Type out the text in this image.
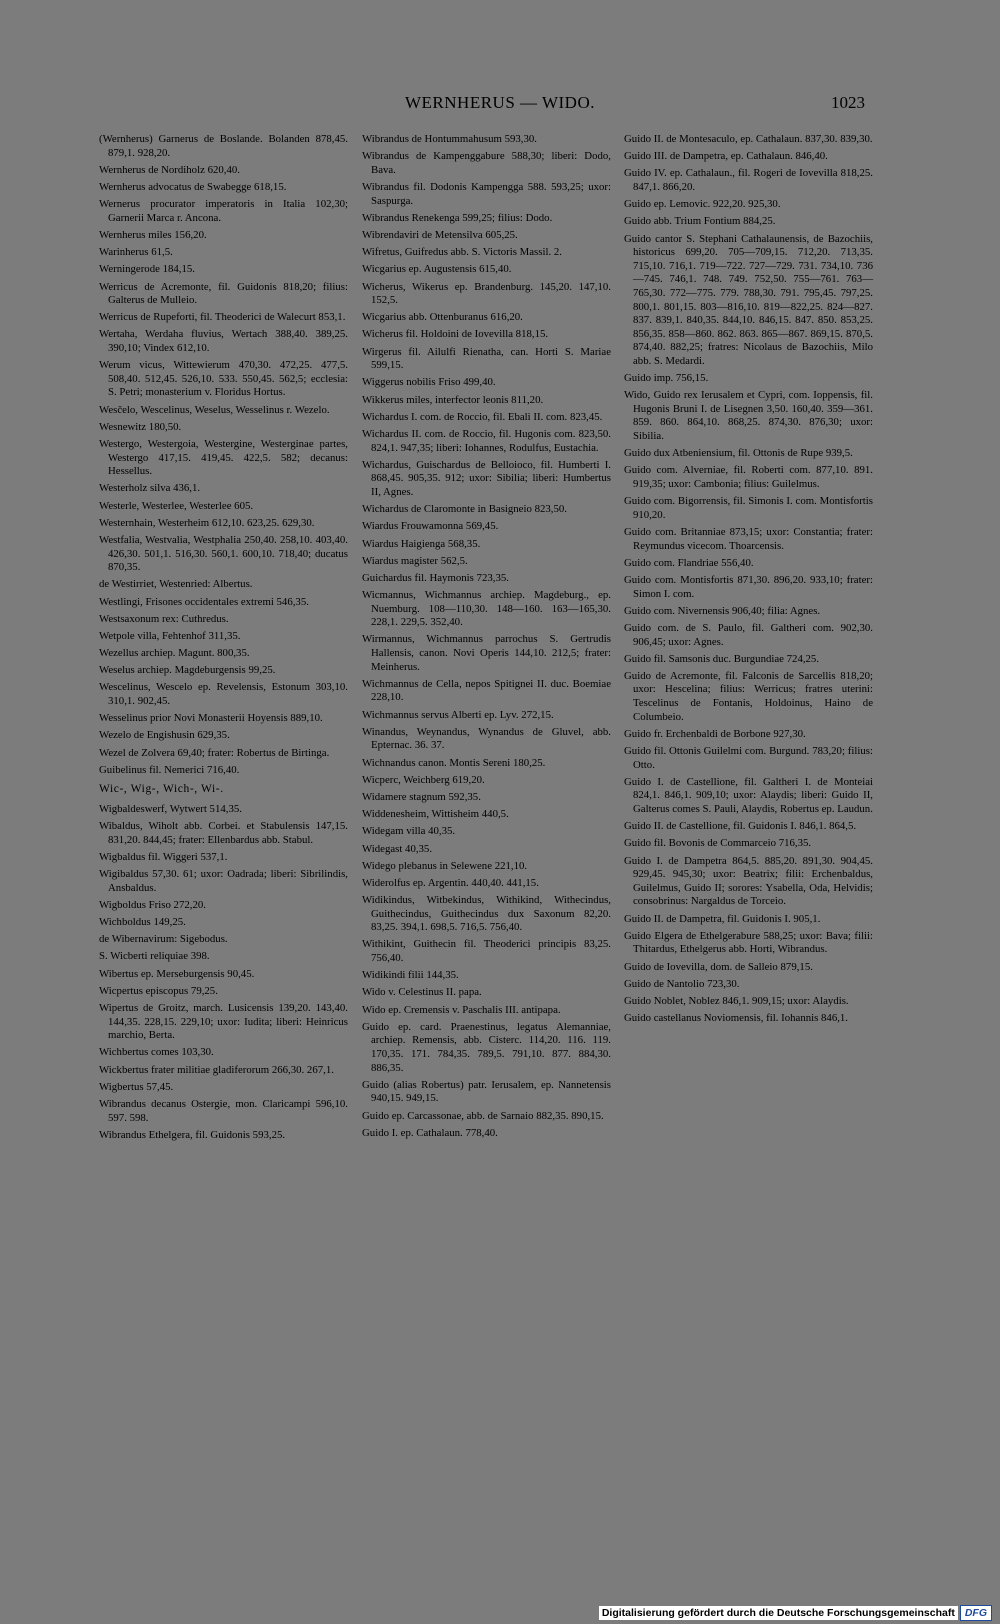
WERNHERUS — WIDO.	1023

(Wernherus) Garnerus de Boslande. Bolanden 878,45. 879,1. 928,20.

Wernherus de Nordiholz 620,40.

Wernherus advocatus de Swabegge 618,15.

Wernerus procurator imperatoris in Italia 102,30; Garnerii Marca r. Ancona.

Wernherus miles 156,20.

Warinherus 61,5.

Werningerode 184,15.

Werricus de Acremonte, fil. Guidonis 818,20; filius: Galterus de Mulleio.

Werricus de Rupeforti, fil. Theoderici de Walecurt 853,1.

Wertaha, Werdaha fluvius, Wertach 388,40. 389,25. 390,10; Vindex 612,10.

Werum vicus, Wittewierum 470,30. 472,25. 477,5. 508,40. 512,45. 526,10. 533. 550,45. 562,5; ecclesia: S. Petri; monasterium v. Floridus Hortus.

Wesčelo, Wescelinus, Weselus, Wesselinus r. Wezelo.

Wesnewitz 180,50.

Westergo, Westergoia, Westergine, Westerginae partes, Westergo 417,15. 419,45. 422,5. 582; decanus: Hessellus.

Westerholz silva 436,1.

Westerle, Westerlee, Westerlee 605.

Westernhain, Westerheim 612,10. 623,25. 629,30.

Westfalia, Westvalia, Westphalia 250,40. 258,10. 403,40. 426,30. 501,1. 516,30. 560,1. 600,10. 718,40; ducatus 870,35.

de Westirriet, Westenried: Albertus.

Westlingi, Frisones occidentales extremi 546,35.

Westsaxonum rex: Cuthredus.

Wetpole villa, Fehtenhof 311,35.

Wezellus archiep. Magunt. 800,35.

Weselus archiep. Magdeburgensis 99,25.

Wescelinus, Wescelo ep. Revelensis, Estonum 303,10. 310,1. 902,45.

Wesselinus prior Novi Monasterii Hoyensis 889,10.

Wezelo de Engishusin 629,35.

Wezel de Zolvera 69,40; frater: Robertus de Birtinga.

Guibelinus fil. Nemerici 716,40.

Wic-, Wig-, Wich-, Wi-.

Wigbaldeswerf, Wytwert 514,35.

Wibaldus, Wiholt abb. Corbei. et Stabulensis 147,15. 831,20. 844,45; frater: Ellenbardus abb. Stabul.

Wigbaldus fil. Wiggeri 537,1.

Wigibaldus 57,30. 61; uxor: Oadrada; liberi: Sibrilindis, Ansbaldus.

Wigboldus Friso 272,20.

Wichboldus 149,25.

de Wibernavirum: Sigebodus.

S. Wicberti reliquiae 398.

Wibertus ep. Merseburgensis 90,45.

Wicpertus episcopus 79,25.

Wipertus de Groitz, march. Lusicensis 139,20. 143,40. 144,35. 228,15. 229,10; uxor: Iudita; liberi: Heinricus marchio, Berta.

Wichbertus comes 103,30.

Wickbertus frater militiae gladiferorum 266,30. 267,1.

Wigbertus 57,45.

Wibrandus decanus Ostergie, mon. Claricampi 596,10. 597. 598.

Wibrandus Ethelgera, fil. Guidonis 593,25.

Wibrandus de Hontummahusum 593,30.

Wibrandus de Kampenggabure 588,30; liberi: Dodo, Bava.

Wibrandus fil. Dodonis Kampengga 588. 593,25; uxor: Saspurga.

Wibrandus Renekenga 599,25; filius: Dodo.

Wibrendaviri de Metensilva 605,25.

Wifretus, Guifredus abb. S. Victoris Massil. 2.

Wicgarius ep. Augustensis 615,40.

Wicherus, Wikerus ep. Brandenburg. 145,20. 147,10. 152,5.

Wicgarius abb. Ottenburanus 616,20.

Wicherus fil. Holdoini de Iovevilla 818,15.

Wirgerus fil. Ailulfi Rienatha, can. Horti S. Mariae 599,15.

Wiggerus nobilis Friso 499,40.

Wikkerus miles, interfector leonis 811,20.

Wichardus I. com. de Roccio, fil. Ebali II. com. 823,45.

Wichardus II. com. de Roccio, fil. Hugonis com. 823,50. 824,1. 947,35; liberi: Iohannes, Rodulfus, Eustachia.

Wichardus, Guischardus de Belloioco, fil. Humberti I. 868,45. 905,35. 912; uxor: Sibilia; liberi: Humbertus II, Agnes.

Wichardus de Claromonte in Basigneio 823,50.

Wiardus Frouwamonna 569,45.

Wiardus Haigienga 568,35.

Wiardus magister 562,5.

Guichardus fil. Haymonis 723,35.

Wicmannus, Wichmannus archiep. Magdeburg., ep. Nuemburg. 108—110,30. 148—160. 163—165,30. 228,1. 229,5. 352,40.

Wirmannus, Wichmannus parrochus S. Gertrudis Hallensis, canon. Novi Operis 144,10. 212,5; frater: Meinherus.

Wichmannus de Cella, nepos Spitignei II. duc. Boemiae 228,10.

Wichmannus servus Alberti ep. Lyv. 272,15.

Winandus, Weynandus, Wynandus de Gluvel, abb. Epternac. 36. 37.

Wichnandus canon. Montis Sereni 180,25.

Wicperc, Weichberg 619,20.

Widamere stagnum 592,35.

Widdenesheim, Wittisheim 440,5.

Widegam villa 40,35.

Widegast 40,35.

Widego plebanus in Selewene 221,10.

Widerolfus ep. Argentin. 440,40. 441,15.

Widikindus, Witbekindus, Withikind, Withecindus, Guithecindus, Guithecindus dux Saxonum 82,20. 83,25. 394,1. 698,5. 716,5. 756,40.

Withikint, Guithecin fil. Theoderici principis 83,25. 756,40.

Widikindi filii 144,35.

Wido v. Celestinus II. papa.

Wido ep. Cremensis v. Paschalis III. antipapa.

Guido ep. card. Praenestinus, legatus Alemanniae, archiep. Remensis, abb. Cisterc. 114,20. 116. 119. 170,35. 171. 784,35. 789,5. 791,10. 877. 884,30. 886,35.

Guido (alias Robertus) patr. Ierusalem, ep. Nannetensis 940,15. 949,15.

Guido ep. Carcassonae, abb. de Sarnaio 882,35. 890,15.

Guido I. ep. Cathalaun. 778,40.

Guido II. de Montesaculo, ep. Cathalaun. 837,30. 839,30.

Guido III. de Dampetra, ep. Cathalaun. 846,40.

Guido IV. ep. Cathalaun., fil. Rogeri de Iovevilla 818,25. 847,1. 866,20.

Guido ep. Lemovic. 922,20. 925,30.

Guido abb. Trium Fontium 884,25.

Guido cantor S. Stephani Cathalaunensis, de Bazochiis, historicus 699,20. 705—709,15. 712,20. 713,35. 715,10. 716,1. 719—722. 727—729. 731. 734,10. 736—745. 746,1. 748. 749. 752,50. 755—761. 763—765,30. 772—775. 779. 788,30. 791. 795,45. 797,25. 800,1. 801,15. 803—816,10. 819—822,25. 824—827. 837. 839,1. 840,35. 844,10. 846,15. 847. 850. 853,25. 856,35. 858—860. 862. 863. 865—867. 869,15. 870,5. 874,40. 882,25; fratres: Nicolaus de Bazochiis, Milo abb. S. Medardi.

Guido imp. 756,15.

Wido, Guido rex Ierusalem et Cypri, com. Ioppensis, fil. Hugonis Bruni I. de Lisegnen 3,50. 160,40. 359—361. 859. 860. 864,10. 868,25. 874,30. 876,30; uxor: Sibilia.

Guido dux Atbeniensium, fil. Ottonis de Rupe 939,5.

Guido com. Alverniae, fil. Roberti com. 877,10. 891. 919,35; uxor: Cambonia; filius: Guilelmus.

Guido com. Bigorrensis, fil. Simonis I. com. Montisfortis 910,20.

Guido com. Britanniae 873,15; uxor: Constantia; frater: Reymundus vicecom. Thoarcensis.

Guido com. Flandriae 556,40.

Guido com. Montisfortis 871,30. 896,20. 933,10; frater: Simon I. com.

Guido com. Nivernensis 906,40; filia: Agnes.

Guido com. de S. Paulo, fil. Galtheri com. 902,30. 906,45; uxor: Agnes.

Guido fil. Samsonis duc. Burgundiae 724,25.

Guido de Acremonte, fil. Falconis de Sarcellis 818,20; uxor: Hescelina; filius: Werricus; fratres uterini: Tescelinus de Fontanis, Holdoinus, Haino de Columbeio.

Guido fr. Erchenbaldi de Borbone 927,30.

Guido fil. Ottonis Guilelmi com. Burgund. 783,20; filius: Otto.

Guido I. de Castellione, fil. Galtheri I. de Monteiai 824,1. 846,1. 909,10; uxor: Alaydis; liberi: Guido II, Galterus comes S. Pauli, Alaydis, Robertus ep. Laudun.

Guido II. de Castellione, fil. Guidonis I. 846,1. 864,5.

Guido fil. Bovonis de Commarceio 716,35.

Guido I. de Dampetra 864,5. 885,20. 891,30. 904,45. 929,45. 945,30; uxor: Beatrix; filii: Erchenbaldus, Guilelmus, Guido II; sorores: Ysabella, Oda, Helvidis; consobrinus: Nargaldus de Torceio.

Guido II. de Dampetra, fil. Guidonis I. 905,1.

Guido Elgera de Ethelgerabure 588,25; uxor: Bava; filii: Thitardus, Ethelgerus abb. Horti, Wibrandus.

Guido de Iovevilla, dom. de Salleio 879,15.

Guido de Nantolio 723,30.

Guido Noblet, Noblez 846,1. 909,15; uxor: Alaydis.

Guido castellanus Noviomensis, fil. Iohannis 846,1.

Digitalisierung gefördert durch die Deutsche Forschungsgemeinschaft DFG
